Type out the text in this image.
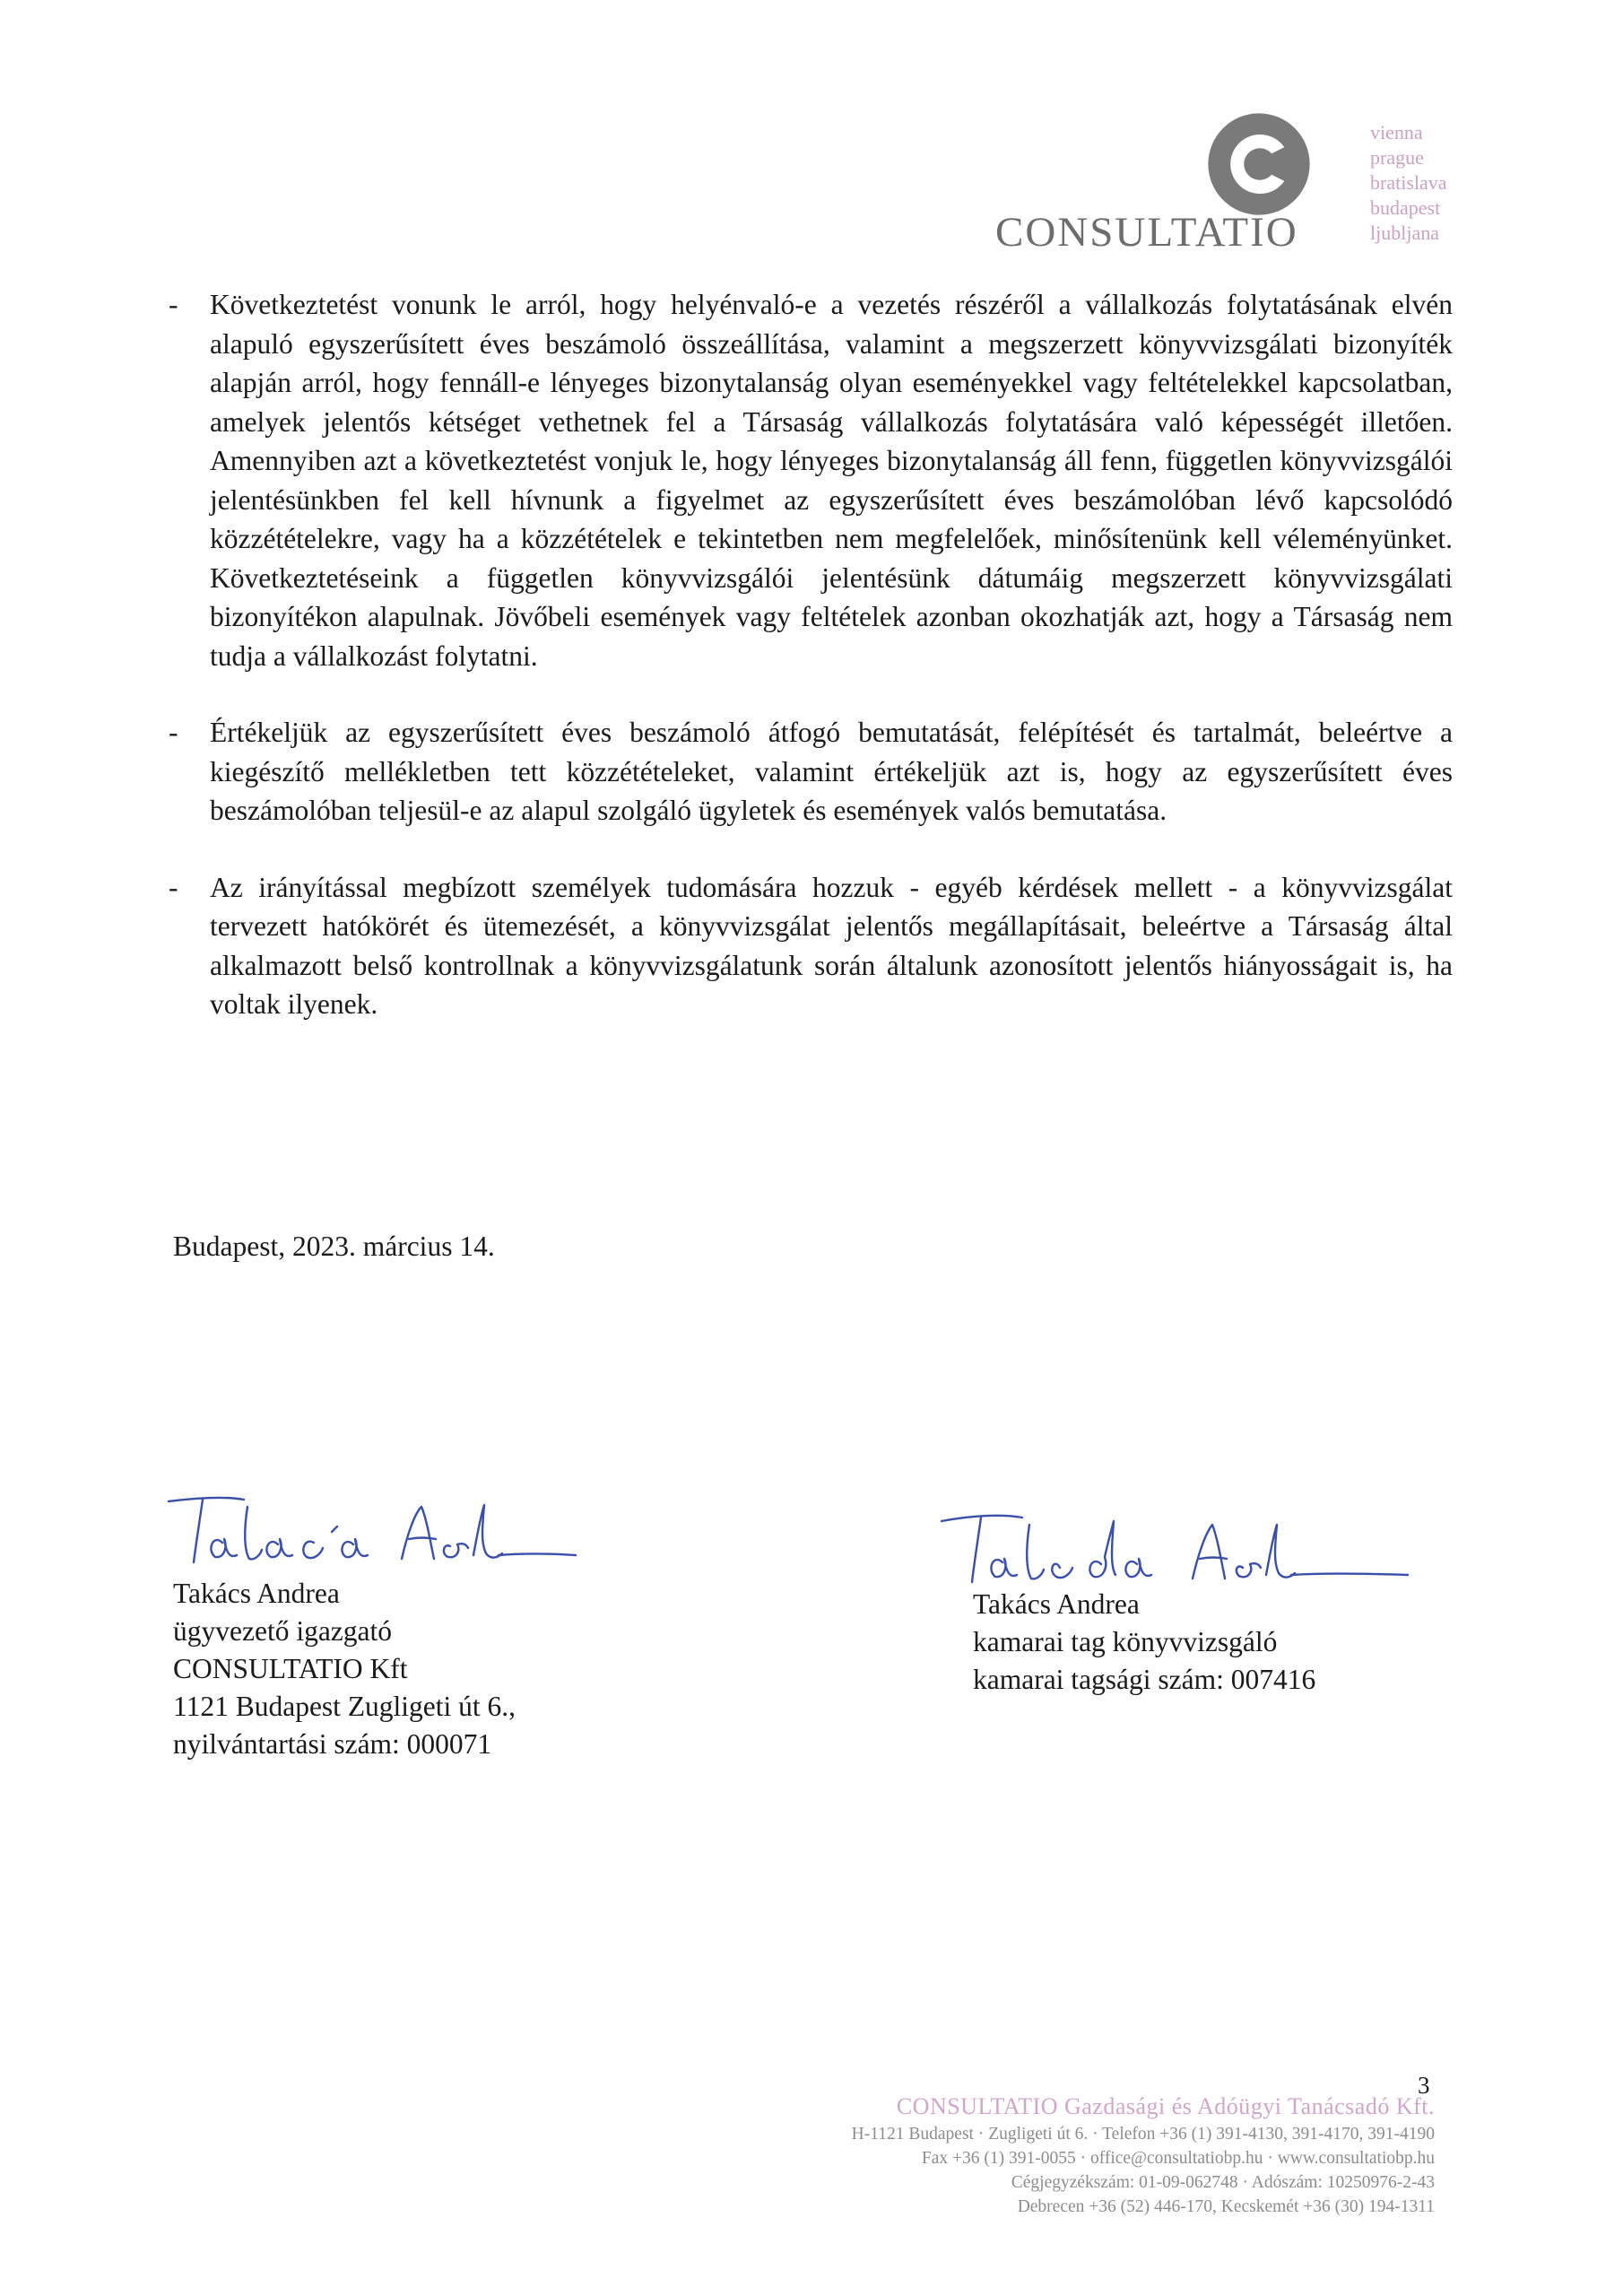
CONSULTATIO
vienna
prague
bratislava
budapest
ljubljana
- Következtetést vonunk le arról, hogy helyénvaló-e a vezetés részéről a vállalkozás folytatásának elvén alapuló egyszerűsített éves beszámoló összeállítása, valamint a megszerzett könyvvizsgálati bizonyíték alapján arról, hogy fennáll-e lényeges bizonytalanság olyan eseményekkel vagy feltételekkel kapcsolatban, amelyek jelentős kétséget vethetnek fel a Társaság vállalkozás folytatására való képességét illetően. Amennyiben azt a következtetést vonjuk le, hogy lényeges bizonytalanság áll fenn, független könyvvizsgálói jelentésünkben fel kell hívnunk a figyelmet az egyszerűsített éves beszámolóban lévő kapcsolódó közzétételekre, vagy ha a közzétételek e tekintetben nem megfelelőek, minősítenünk kell véleményünket. Következtetéseink a független könyvvizsgálói jelentésünk dátumáig megszerzett könyvvizsgálati bizonyítékon alapulnak. Jövőbeli események vagy feltételek azonban okozhatják azt, hogy a Társaság nem tudja a vállalkozást folytatni.
- Értékeljük az egyszerűsített éves beszámoló átfogó bemutatását, felépítését és tartalmát, beleértve a kiegészítő mellékletben tett közzétételeket, valamint értékeljük azt is, hogy az egyszerűsített éves beszámolóban teljesül-e az alapul szolgáló ügyletek és események valós bemutatása.
- Az irányítással megbízott személyek tudomására hozzuk - egyéb kérdések mellett - a könyvvizsgálat tervezett hatókörét és ütemezését, a könyvvizsgálat jelentős megállapításait, beleértve a Társaság által alkalmazott belső kontrollnak a könyvvizsgálatunk során általunk azonosított jelentős hiányosságait is, ha voltak ilyenek.
Budapest, 2023. március 14.
Takács Andrea
ügyvezető igazgató
CONSULTATIO Kft
1121 Budapest Zugligeti út 6.,
nyilvántartási szám: 000071
Takács Andrea
kamarai tag könyvvizsgáló
kamarai tagsági szám: 007416
3
CONSULTATIO Gazdasági és Adóügyi Tanácsadó Kft.
H-1121 Budapest · Zugligeti út 6. · Telefon +36 (1) 391-4130, 391-4170, 391-4190
Fax +36 (1) 391-0055 · office@consultatiobp.hu · www.consultatiobp.hu
Cégjegyzékszám: 01-09-062748 · Adószám: 10250976-2-43
Debrecen +36 (52) 446-170, Kecskemét +36 (30) 194-1311
